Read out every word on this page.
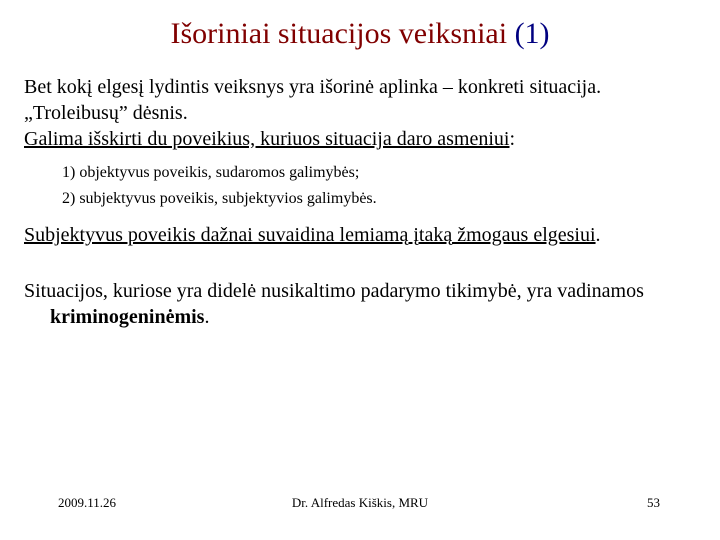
Išoriniai situacijos veiksniai (1)

Bet kokį elgesį lydintis veiksnys yra išorinė aplinka – konkreti situacija.

„Troleibusų” dėsnis.

Galima išskirti du poveikius, kuriuos situacija daro asmeniui:

1) objektyvus poveikis, sudaromos galimybės;
2) subjektyvus poveikis, subjektyvios galimybės.

Subjektyvus poveikis dažnai suvaidina lemiamą įtaką žmogaus elgesiui.

Situacijos, kuriose yra didelė nusikaltimo padarymo tikimybė, yra vadinamos kriminogeninėmis.

2009.11.26	Dr. Alfredas Kiškis, MRU	53
